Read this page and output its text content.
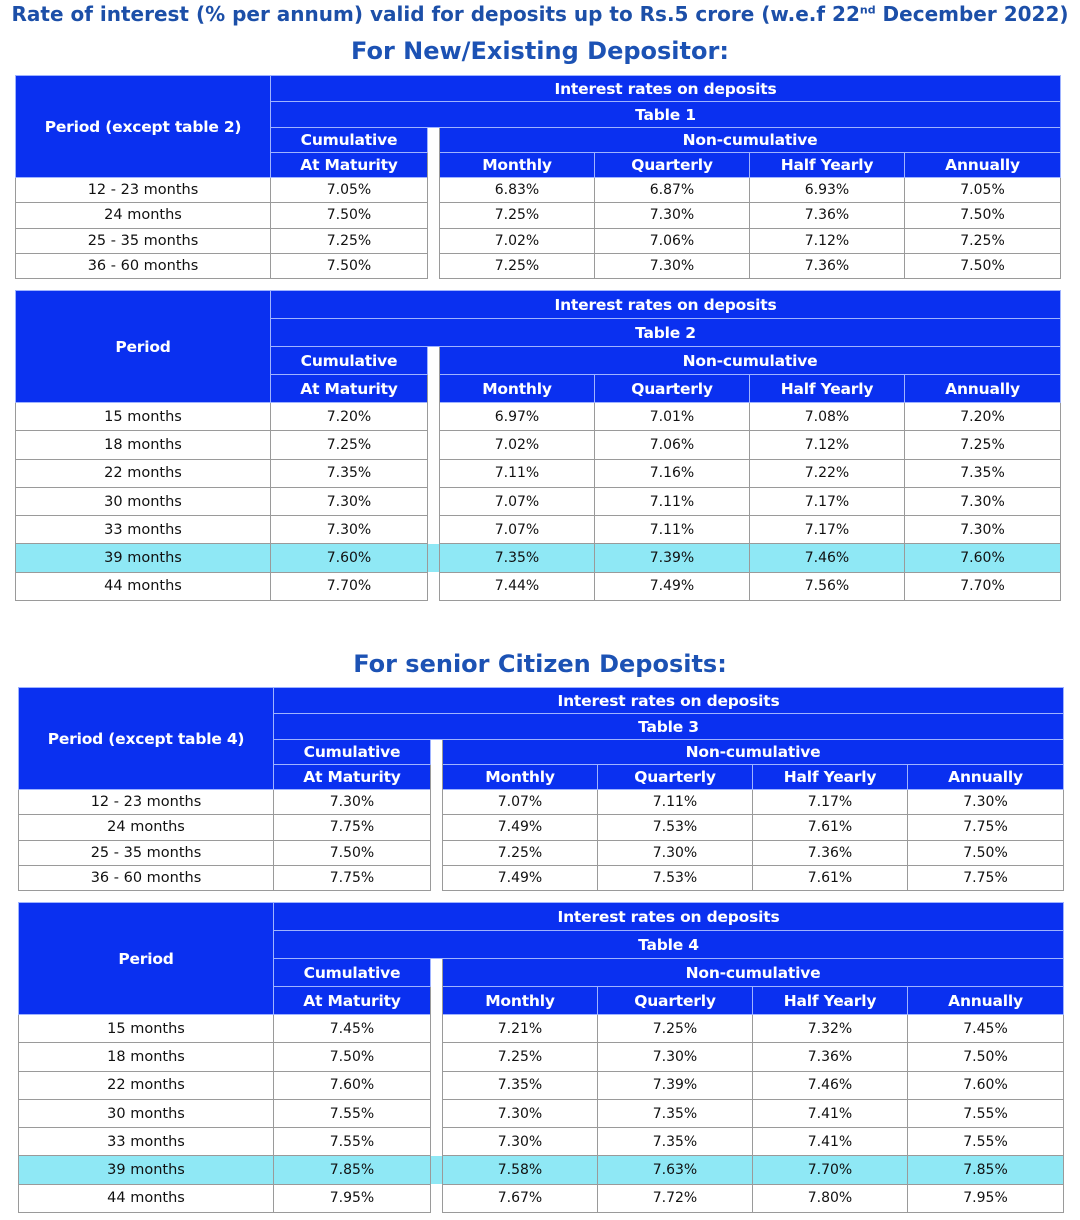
Rate of interest (% per annum) valid for deposits up to Rs.5 crore (w.e.f 22nd December 2022)
For New/Existing Depositor:
Period (except table 2)	Interest rates on deposits					
	Table 1					
	Cumulative		Non-cumulative			
	At Maturity		Monthly	Quarterly	Half Yearly	Annually
12 - 23 months	7.05%		6.83%	6.87%	6.93%	7.05%
24 months	7.50%		7.25%	7.30%	7.36%	7.50%
25 - 35 months	7.25%		7.02%	7.06%	7.12%	7.25%
36 - 60 months	7.50%		7.25%	7.30%	7.36%	7.50%
Period	Interest rates on deposits					
	Table 2					
	Cumulative		Non-cumulative			
	At Maturity		Monthly	Quarterly	Half Yearly	Annually
15 months	7.20%		6.97%	7.01%	7.08%	7.20%
18 months	7.25%		7.02%	7.06%	7.12%	7.25%
22 months	7.35%		7.11%	7.16%	7.22%	7.35%
30 months	7.30%		7.07%	7.11%	7.17%	7.30%
33 months	7.30%		7.07%	7.11%	7.17%	7.30%
39 months	7.60%		7.35%	7.39%	7.46%	7.60%
44 months	7.70%		7.44%	7.49%	7.56%	7.70%
For senior Citizen Deposits:
Period (except table 4)	Interest rates on deposits					
	Table 3					
	Cumulative		Non-cumulative			
	At Maturity		Monthly	Quarterly	Half Yearly	Annually
12 - 23 months	7.30%		7.07%	7.11%	7.17%	7.30%
24 months	7.75%		7.49%	7.53%	7.61%	7.75%
25 - 35 months	7.50%		7.25%	7.30%	7.36%	7.50%
36 - 60 months	7.75%		7.49%	7.53%	7.61%	7.75%
Period	Interest rates on deposits					
	Table 4					
	Cumulative		Non-cumulative			
	At Maturity		Monthly	Quarterly	Half Yearly	Annually
15 months	7.45%		7.21%	7.25%	7.32%	7.45%
18 months	7.50%		7.25%	7.30%	7.36%	7.50%
22 months	7.60%		7.35%	7.39%	7.46%	7.60%
30 months	7.55%		7.30%	7.35%	7.41%	7.55%
33 months	7.55%		7.30%	7.35%	7.41%	7.55%
39 months	7.85%		7.58%	7.63%	7.70%	7.85%
44 months	7.95%		7.67%	7.72%	7.80%	7.95%
